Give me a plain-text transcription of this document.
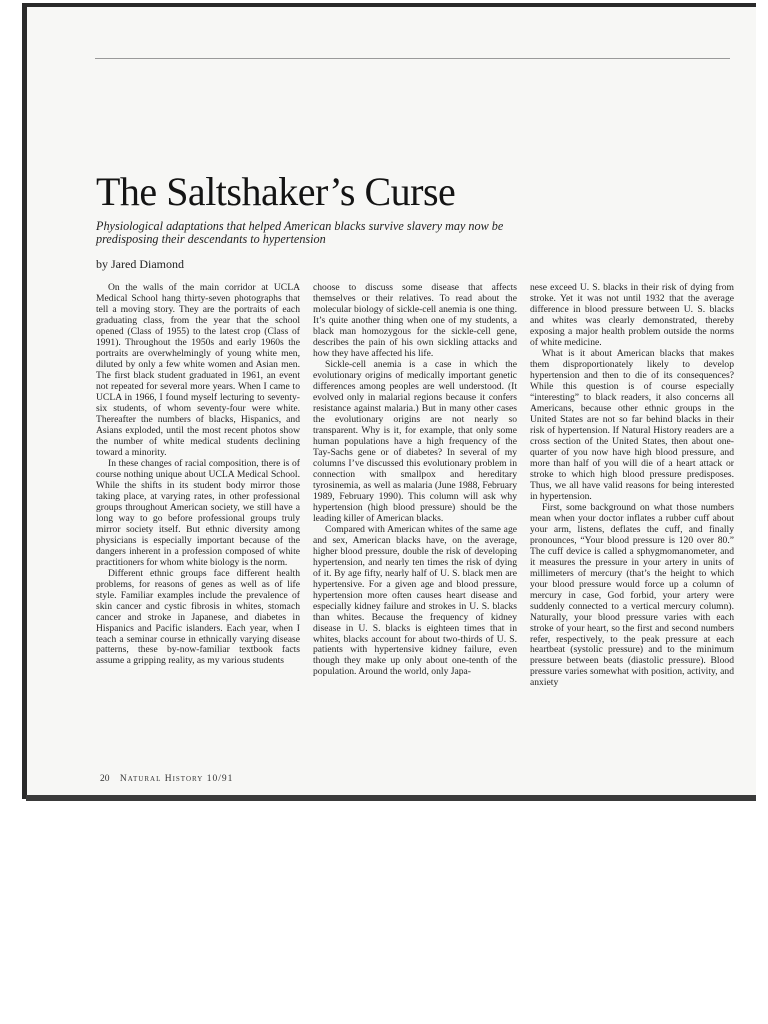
The Saltshaker’s Curse

Physiological adaptations that helped American blacks survive slavery may now be predisposing their descendants to hypertension

by Jared Diamond

On the walls of the main corridor at UCLA Medical School hang thirty-seven photographs that tell a moving story. They are the portraits of each graduating class, from the year that the school opened (Class of 1955) to the latest crop (Class of 1991). Throughout the 1950s and early 1960s the portraits are overwhelmingly of young white men, diluted by only a few white women and Asian men. The first black student graduated in 1961, an event not repeated for several more years. When I came to UCLA in 1966, I found myself lecturing to seventy-six students, of whom seventy-four were white. Thereafter the numbers of blacks, Hispanics, and Asians exploded, until the most recent photos show the number of white medical students declining toward a minority.

In these changes of racial composition, there is of course nothing unique about UCLA Medical School. While the shifts in its student body mirror those taking place, at varying rates, in other professional groups throughout American society, we still have a long way to go before professional groups truly mirror society itself. But ethnic diversity among physicians is especially important because of the dangers inherent in a profession composed of white practitioners for whom white biology is the norm.

Different ethnic groups face different health problems, for reasons of genes as well as of life style. Familiar examples include the prevalence of skin cancer and cystic fibrosis in whites, stomach cancer and stroke in Japanese, and diabetes in Hispanics and Pacific islanders. Each year, when I teach a seminar course in ethnically varying disease patterns, these by-now-familiar textbook facts assume a gripping reality, as my various students

choose to discuss some disease that affects themselves or their relatives. To read about the molecular biology of sickle-cell anemia is one thing. It’s quite another thing when one of my students, a black man homozygous for the sickle-cell gene, describes the pain of his own sickling attacks and how they have affected his life.

Sickle-cell anemia is a case in which the evolutionary origins of medically important genetic differences among peoples are well understood. (It evolved only in malarial regions because it confers resistance against malaria.) But in many other cases the evolutionary origins are not nearly so transparent. Why is it, for example, that only some human populations have a high frequency of the Tay-Sachs gene or of diabetes? In several of my columns I’ve discussed this evolutionary problem in connection with smallpox and hereditary tyrosinemia, as well as malaria (June 1988, February 1989, February 1990). This column will ask why hypertension (high blood pressure) should be the leading killer of American blacks.

Compared with American whites of the same age and sex, American blacks have, on the average, higher blood pressure, double the risk of developing hypertension, and nearly ten times the risk of dying of it. By age fifty, nearly half of U. S. black men are hypertensive. For a given age and blood pressure, hypertension more often causes heart disease and especially kidney failure and strokes in U. S. blacks than whites. Because the frequency of kidney disease in U. S. blacks is eighteen times that in whites, blacks account for about two-thirds of U. S. patients with hypertensive kidney failure, even though they make up only about one-tenth of the population. Around the world, only Japa-

nese exceed U. S. blacks in their risk of dying from stroke. Yet it was not until 1932 that the average difference in blood pressure between U. S. blacks and whites was clearly demonstrated, thereby exposing a major health problem outside the norms of white medicine.

What is it about American blacks that makes them disproportionately likely to develop hypertension and then to die of its consequences? While this question is of course especially “interesting” to black readers, it also concerns all Americans, because other ethnic groups in the United States are not so far behind blacks in their risk of hypertension. If Natural History readers are a cross section of the United States, then about one-quarter of you now have high blood pressure, and more than half of you will die of a heart attack or stroke to which high blood pressure predisposes. Thus, we all have valid reasons for being interested in hypertension.

First, some background on what those numbers mean when your doctor inflates a rubber cuff about your arm, listens, deflates the cuff, and finally pronounces, “Your blood pressure is 120 over 80.” The cuff device is called a sphygmomanometer, and it measures the pressure in your artery in units of millimeters of mercury (that’s the height to which your blood pressure would force up a column of mercury in case, God forbid, your artery were suddenly connected to a vertical mercury column). Naturally, your blood pressure varies with each stroke of your heart, so the first and second numbers refer, respectively, to the peak pressure at each heartbeat (systolic pressure) and to the minimum pressure between beats (diastolic pressure). Blood pressure varies somewhat with position, activity, and anxiety

20 Natural History 10/91
